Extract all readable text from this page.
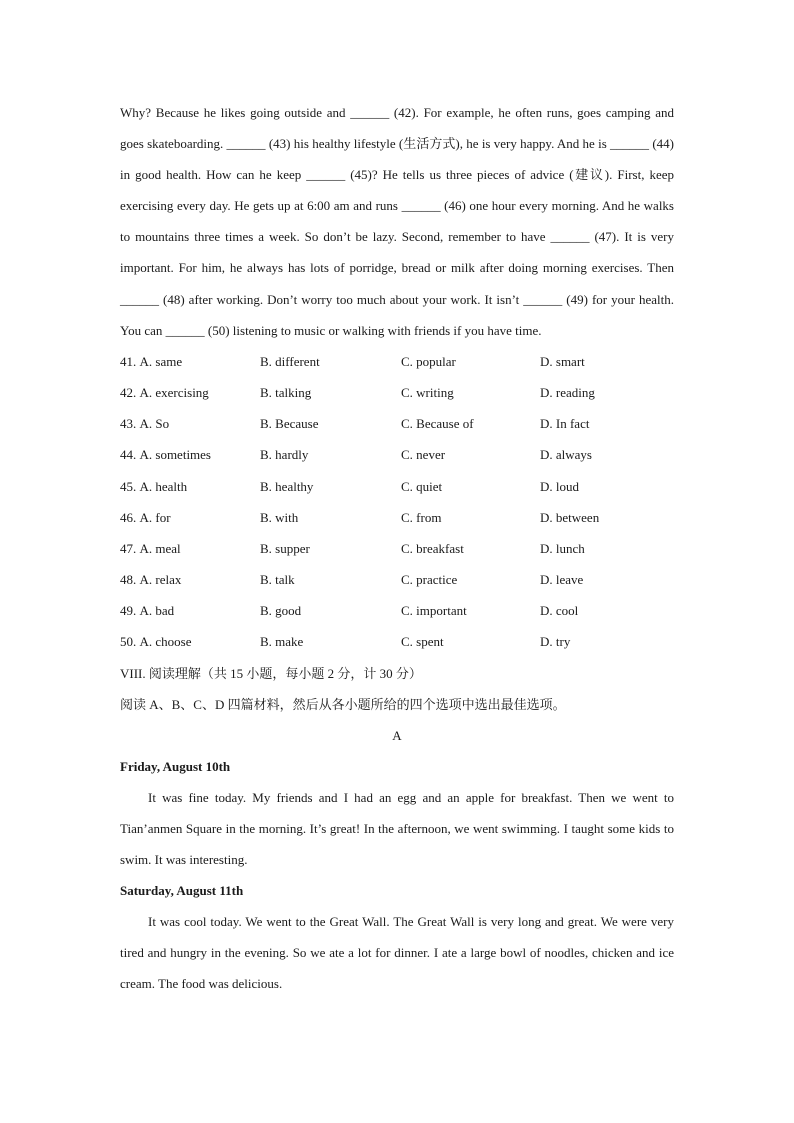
Why? Because he likes going outside and ______ (42). For example, he often runs, goes camping and goes skateboarding. ______ (43) his healthy lifestyle (生活方式), he is very happy. And he is ______ (44) in good health. How can he keep ______ (45)? He tells us three pieces of advice (建议). First, keep exercising every day. He gets up at 6:00 am and runs ______ (46) one hour every morning. And he walks to mountains three times a week. So don’t be lazy. Second, remember to have ______ (47). It is very important. For him, he always has lots of porridge, bread or milk after doing morning exercises. Then ______ (48) after working. Don’t worry too much about your work. It isn’t ______ (49) for your health. You can ______ (50) listening to music or walking with friends if you have time.

41. A. same	B. different	C. popular	D. smart
42. A. exercising	B. talking	C. writing	D. reading
43. A. So	B. Because	C. Because of	D. In fact
44. A. sometimes	B. hardly	C. never	D. always
45. A. health	B. healthy	C. quiet	D. loud
46. A. for	B. with	C. from	D. between
47. A. meal	B. supper	C. breakfast	D. lunch
48. A. relax	B. talk	C. practice	D. leave
49. A. bad	B. good	C. important	D. cool
50. A. choose	B. make	C. spent	D. try
VIII. 阅读理解（共 15 小题，每小题 2 分，计 30 分）
阅读 A、B、C、D 四篇材料，然后从各小题所给的四个选项中选出最佳选项。
A
Friday, August 10th

It was fine today. My friends and I had an egg and an apple for breakfast. Then we went to Tian’anmen Square in the morning. It’s great! In the afternoon, we went swimming. I taught some kids to swim. It was interesting.

Saturday, August 11th

It was cool today. We went to the Great Wall. The Great Wall is very long and great. We were very tired and hungry in the evening. So we ate a lot for dinner. I ate a large bowl of noodles, chicken and ice cream. The food was delicious.
